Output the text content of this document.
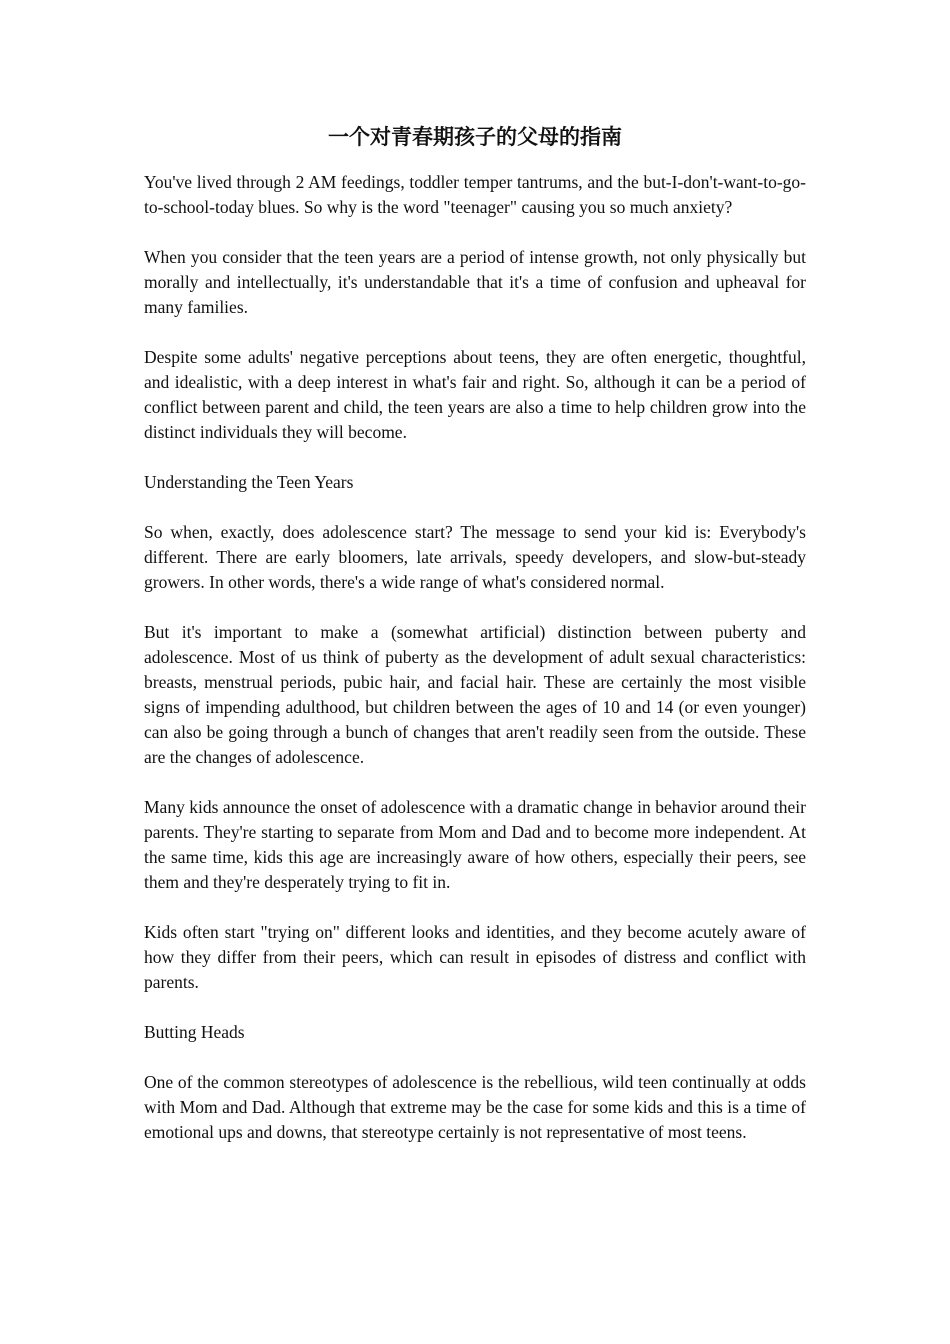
一个对青春期孩子的父母的指南

You've lived through 2 AM feedings, toddler temper tantrums, and the but-I-don't-want-to-go-to-school-today blues. So why is the word "teenager" causing you so much anxiety?

When you consider that the teen years are a period of intense growth, not only physically but morally and intellectually, it's understandable that it's a time of confusion and upheaval for many families.

Despite some adults' negative perceptions about teens, they are often energetic, thoughtful, and idealistic, with a deep interest in what's fair and right. So, although it can be a period of conflict between parent and child, the teen years are also a time to help children grow into the distinct individuals they will become.

Understanding the Teen Years

So when, exactly, does adolescence start? The message to send your kid is: Everybody's different. There are early bloomers, late arrivals, speedy developers, and slow-but-steady growers. In other words, there's a wide range of what's considered normal.

But it's important to make a (somewhat artificial) distinction between puberty and adolescence. Most of us think of puberty as the development of adult sexual characteristics: breasts, menstrual periods, pubic hair, and facial hair. These are certainly the most visible signs of impending adulthood, but children between the ages of 10 and 14 (or even younger) can also be going through a bunch of changes that aren't readily seen from the outside. These are the changes of adolescence.

Many kids announce the onset of adolescence with a dramatic change in behavior around their parents. They're starting to separate from Mom and Dad and to become more independent. At the same time, kids this age are increasingly aware of how others, especially their peers, see them and they're desperately trying to fit in.

Kids often start "trying on" different looks and identities, and they become acutely aware of how they differ from their peers, which can result in episodes of distress and conflict with parents.

Butting Heads

One of the common stereotypes of adolescence is the rebellious, wild teen continually at odds with Mom and Dad. Although that extreme may be the case for some kids and this is a time of emotional ups and downs, that stereotype certainly is not representative of most teens.
